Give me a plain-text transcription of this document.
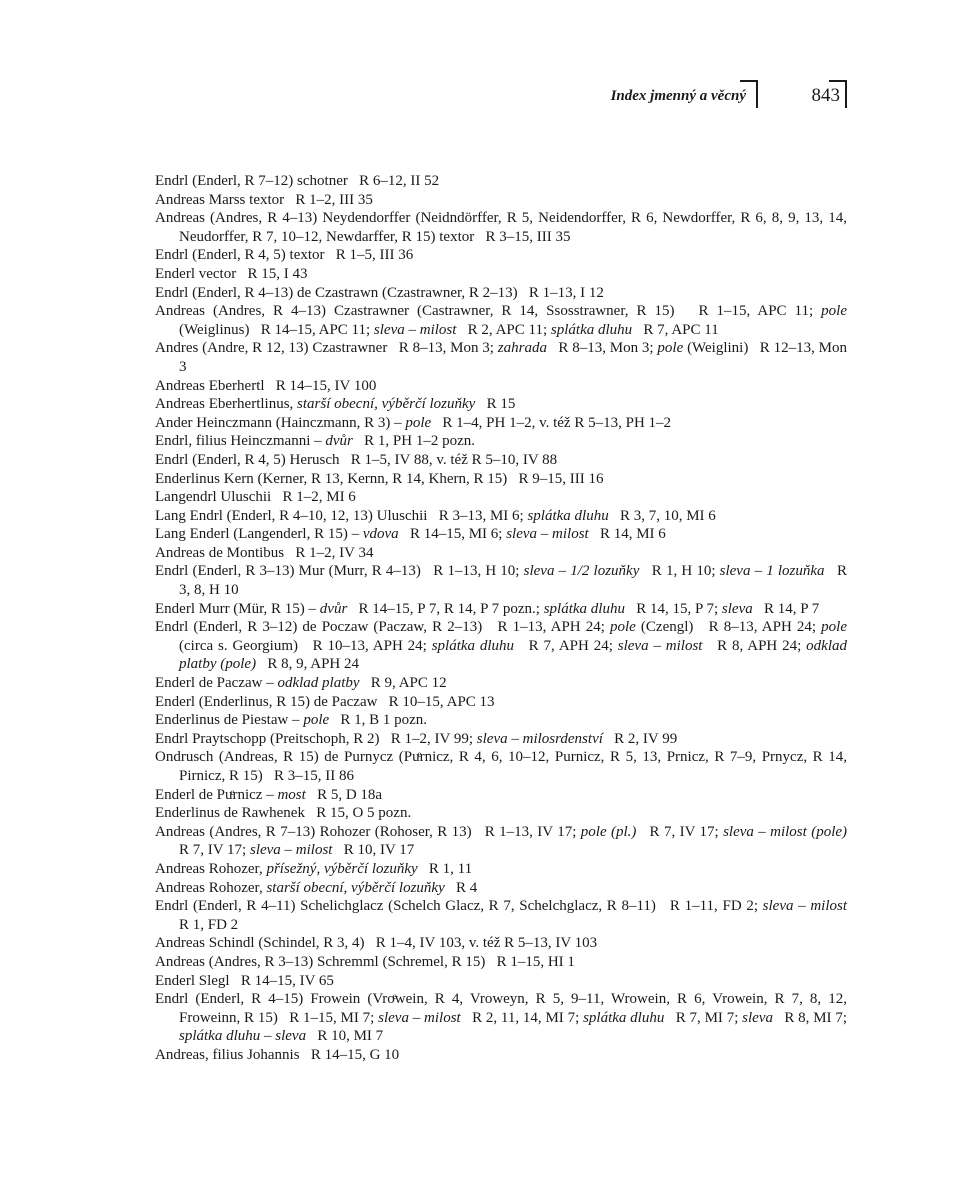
Index jmenný a věcný	843
Endrl (Enderl, R 7–12) schotner   R 6–12, II 52
Andreas Marss textor   R 1–2, III 35
Andreas (Andres, R 4–13) Neydendorffer (Neidndörffer, R 5, Neidendorffer, R 6, Newdorffer, R 6, 8, 9, 13, 14, Neudorffer, R 7, 10–12, Newdarffer, R 15) textor   R 3–15, III 35
Endrl (Enderl, R 4, 5) textor   R 1–5, III 36
Enderl vector   R 15, I 43
Endrl (Enderl, R 4–13) de Czastrawn (Czastrawner, R 2–13)   R 1–13, I 12
Andreas (Andres, R 4–13) Czastrawner (Castrawner, R 14, Ssosstrawner, R 15)   R 1–15, APC 11; pole (Weiglinus)   R 14–15, APC 11; sleva – milost   R 2, APC 11; splátka dluhu   R 7, APC 11
Andres (Andre, R 12, 13) Czastrawner   R 8–13, Mon 3; zahrada   R 8–13, Mon 3; pole (Weiglini)   R 12–13, Mon 3
Andreas Eberhertl   R 14–15, IV 100
Andreas Eberhertlinus, starší obecní, výběrčí lozuňky   R 15
Ander Heinczmann (Hainczmann, R 3) – pole   R 1–4, PH 1–2, v. též R 5–13, PH 1–2
Endrl, filius Heinczmanni – dvůr   R 1, PH 1–2 pozn.
Endrl (Enderl, R 4, 5) Herusch   R 1–5, IV 88, v. též R 5–10, IV 88
Enderlinus Kern (Kerner, R 13, Kernn, R 14, Khern, R 15)   R 9–15, III 16
Langendrl Uluschii   R 1–2, MI 6
Lang Endrl (Enderl, R 4–10, 12, 13) Uluschii   R 3–13, MI 6; splátka dluhu   R 3, 7, 10, MI 6
Lang Enderl (Langenderl, R 15) – vdova   R 14–15, MI 6; sleva – milost   R 14, MI 6
Andreas de Montibus   R 1–2, IV 34
Endrl (Enderl, R 3–13) Mur (Murr, R 4–13)   R 1–13, H 10; sleva – 1/2 lozuňky   R 1, H 10; sleva – 1 lozuňka   R 3, 8, H 10
Enderl Murr (Mür, R 15) – dvůr   R 14–15, P 7, R 14, P 7 pozn.; splátka dluhu   R 14, 15, P 7; sleva   R 14, P 7
Endrl (Enderl, R 3–12) de Poczaw (Paczaw, R 2–13)   R 1–13, APH 24; pole (Czengl)   R 8–13, APH 24; pole (circa s. Georgium)   R 10–13, APH 24; splátka dluhu   R 7, APH 24; sleva – milost   R 8, APH 24; odklad platby (pole)   R 8, 9, APH 24
Enderl de Paczaw – odklad platby   R 9, APC 12
Enderl (Enderlinus, R 15) de Paczaw   R 10–15, APC 13
Enderlinus de Piestaw – pole   R 1, B 1 pozn.
Endrl Praytschopp (Preitschoph, R 2)   R 1–2, IV 99; sleva – milosrdenství   R 2, IV 99
Ondrusch (Andreas, R 15) de Purnycz (Puͤrnicz, R 4, 6, 10–12, Purnicz, R 5, 13, Prnicz, R 7–9, Prnycz, R 14, Pirnicz, R 15)   R 3–15, II 86
Enderl de Puͤrnicz – most   R 5, D 18a
Enderlinus de Rawhenek   R 15, O 5 pozn.
Andreas (Andres, R 7–13) Rohozer (Rohoser, R 13)   R 1–13, IV 17; pole (pl.)   R 7, IV 17; sleva – milost (pole)   R 7, IV 17; sleva – milost   R 10, IV 17
Andreas Rohozer, přísežný, výběrčí lozuňky   R 1, 11
Andreas Rohozer, starší obecní, výběrčí lozuňky   R 4
Endrl (Enderl, R 4–11) Schelichglacz (Schelch Glacz, R 7, Schelchglacz, R 8–11)   R 1–11, FD 2; sleva – milost   R 1, FD 2
Andreas Schindl (Schindel, R 3, 4)   R 1–4, IV 103, v. též R 5–13, IV 103
Andreas (Andres, R 3–13) Schremml (Schremel, R 15)   R 1–15, HI 1
Enderl Slegl   R 14–15, IV 65
Endrl (Enderl, R 4–15) Frowein (Vroͤwein, R 4, Vroweyn, R 5, 9–11, Wrowein, R 6, Vrowein, R 7, 8, 12, Froweinn, R 15)   R 1–15, MI 7; sleva – milost   R 2, 11, 14, MI 7; splátka dluhu   R 7, MI 7; sleva   R 8, MI 7; splátka dluhu – sleva   R 10, MI 7
Andreas, filius Johannis   R 14–15, G 10
